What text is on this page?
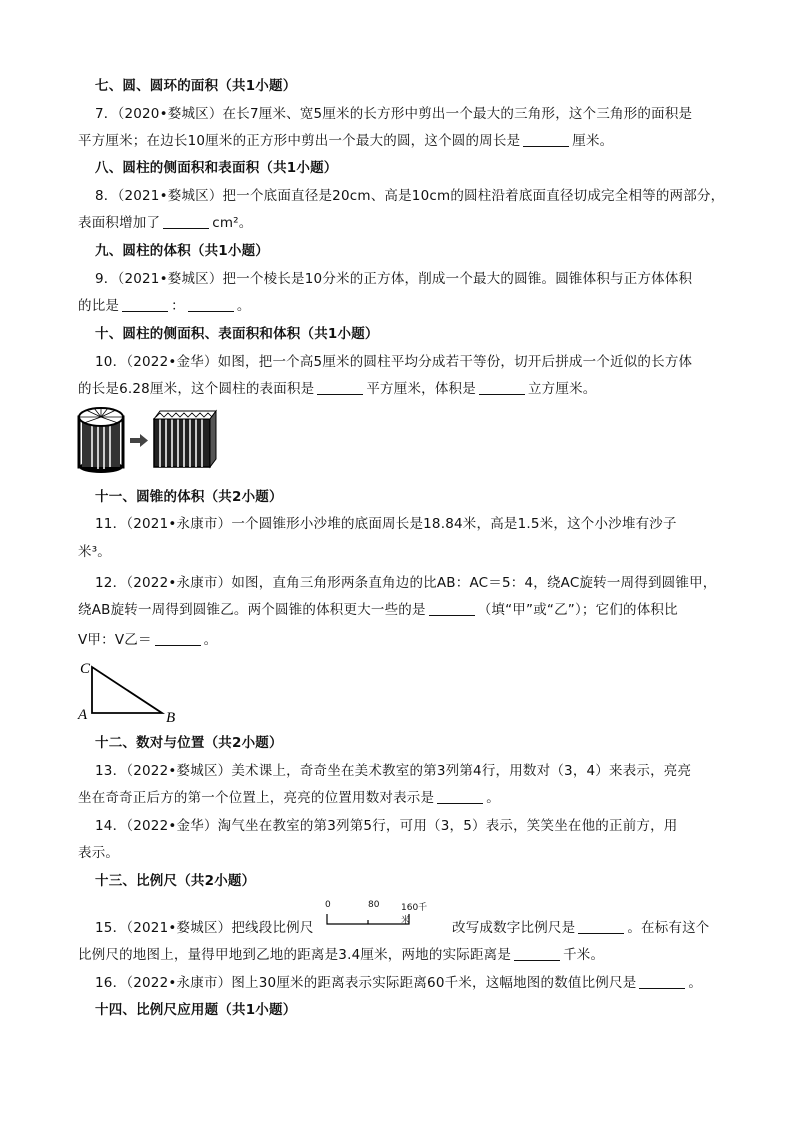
七、圆、圆环的面积（共1小题）
7．（2020•婺城区）在长7厘米、宽5厘米的长方形中剪出一个最大的三角形，这个三角形的面积是
平方厘米；在边长10厘米的正方形中剪出一个最大的圆，这个圆的周长是	厘米。
八、圆柱的侧面积和表面积（共1小题）
8．（2021•婺城区）把一个底面直径是20cm、高是10cm的圆柱沿着底面直径切成完全相等的两部分，
表面积增加了	cm²。
九、圆柱的体积（共1小题）
9．（2021•婺城区）把一个棱长是10分米的正方体，削成一个最大的圆锥。圆锥体积与正方体体积
的比是	：	。
十、圆柱的侧面积、表面积和体积（共1小题）
10．（2022•金华）如图，把一个高5厘米的圆柱平均分成若干等份，切开后拼成一个近似的长方体
的长是6.28厘米，这个圆柱的表面积是	平方厘米，体积是	立方厘米。
十一、圆锥的体积（共2小题）
11．（2021•永康市）一个圆锥形小沙堆的底面周长是18.84米，高是1.5米，这个小沙堆有沙子
米³。
12．（2022•永康市）如图，直角三角形两条直角边的比AB：AC＝5：4，绕AC旋转一周得到圆锥甲，
绕AB旋转一周得到圆锥乙。两个圆锥的体积更大一些的是	（填“甲”或“乙”）；它们的体积比
V甲：V乙＝	。
C
A	B
十二、数对与位置（共2小题）
13．（2022•婺城区）美术课上，奇奇坐在美术教室的第3列第4行，用数对（3，4）来表示，亮亮
坐在奇奇正后方的第一个位置上，亮亮的位置用数对表示是	。
14．（2022•金华）淘气坐在教室的第3列第5行，可用（3，5）表示，笑笑坐在他的正前方，用
表示。
十三、比例尺（共2小题）
0	80 160千米
15．（2021•婺城区）把线段比例尺	改写成数字比例尺是	。在标有这个
比例尺的地图上，量得甲地到乙地的距离是3.4厘米，两地的实际距离是	千米。
16．（2022•永康市）图上30厘米的距离表示实际距离60千米，这幅地图的数值比例尺是	。
十四、比例尺应用题（共1小题）
